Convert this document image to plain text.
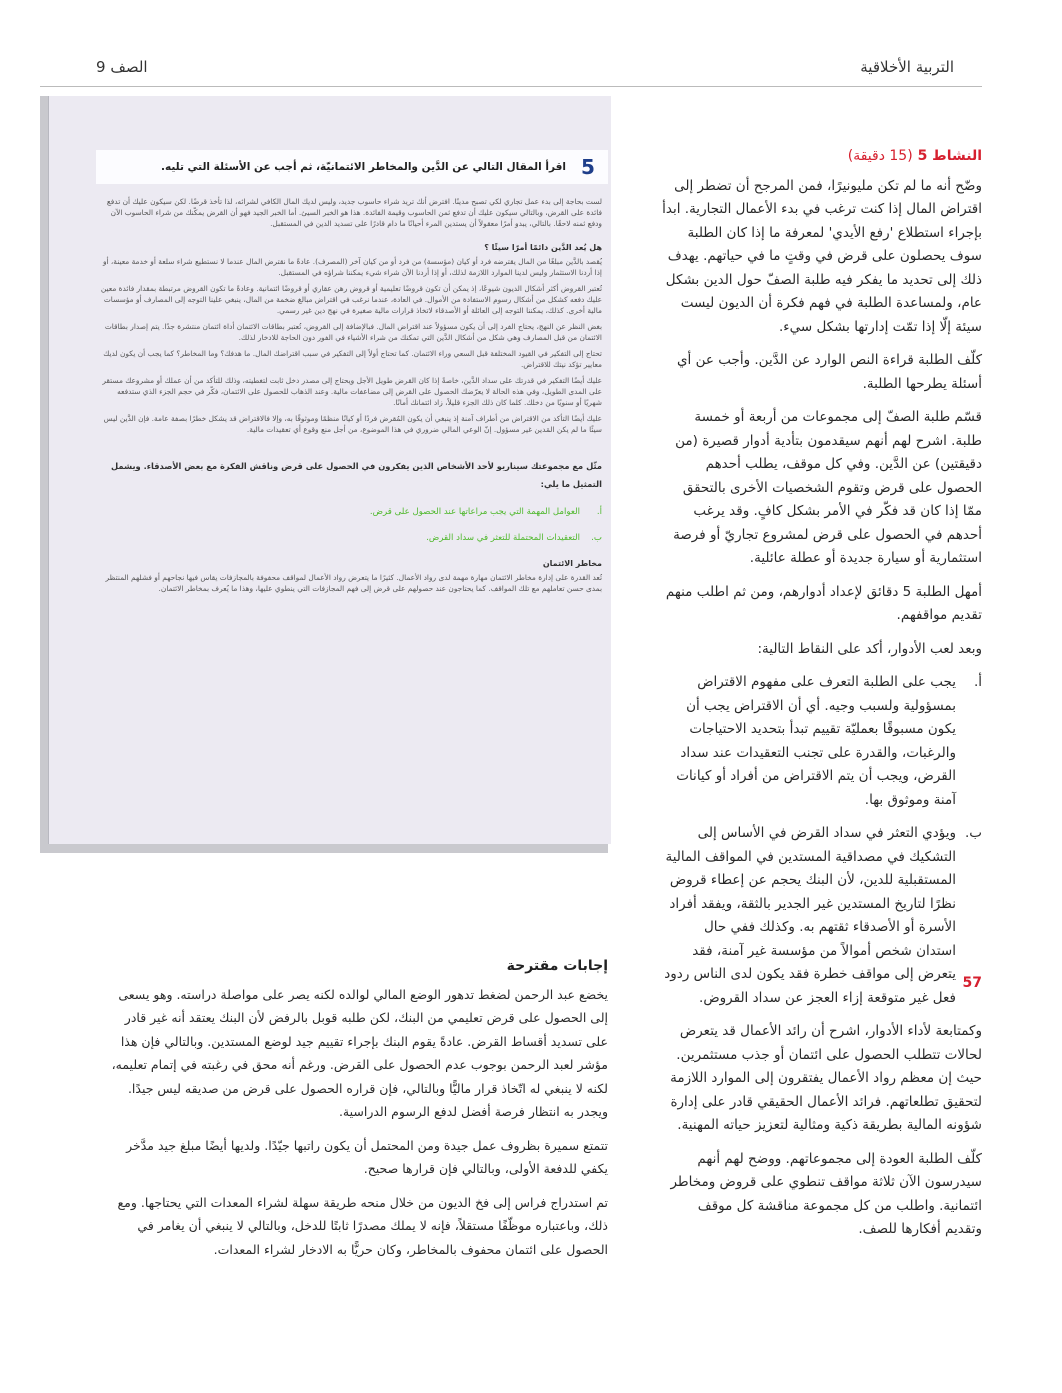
التربية الأخلاقية
الصف 9
5
اقرأ المقال التالي عن الدَّين والمخاطر الائتمانيّة، ثم أجب عن الأسئلة التي تليه.

لست بحاجة إلى بدء عمل تجاري لكي تصبح مدينًا. افترض أنك تريد شراء حاسوب جديد، وليس لديك المال الكافي لشرائه، لذا تأخذ قرضًا. لكن سيكون عليك أن تدفع فائدة على القرض، وبالتالي سيكون عليك أن تدفع ثمن الحاسوب وقيمة الفائدة. هذا هو الخبر السيئ. أما الخبر الجيد فهو أن القرض يمكّنك من شراء الحاسوب الآن ودفع ثمنه لاحقًا. بالتالي، يبدو أمرًا معقولاً أن يستدين المرء أحيانًا ما دام قادرًا على تسديد الدين في المستقبل.

هل يُعد الدَّين دائمًا أمرًا سيئًا ؟

يُقصد بالدَّين مبلغًا من المال يقترضه فرد أو كيان (مؤسسة) من فرد أو من كيان آخر (المصرف). عادةً ما نقترض المال عندما لا نستطيع شراء سلعة أو خدمة معينة، أو إذا أردنا الاستثمار وليس لدينا الموارد اللازمة لذلك، أو إذا أردنا الآن شراء شيء يمكننا شراؤه في المستقبل.

تُعتبر القروض أكثر أشكال الديون شيوعًا، إذ يمكن أن تكون قروضًا تعليمية أو قروض رهن عقاري أو قروضًا ائتمانية. وعادةً ما تكون القروض مرتبطة بمقدار فائدة معين عليك دفعه كشكل من أشكال رسوم الاستفادة من الأموال. في العادة، عندما نرغب في اقتراض مبالغ ضخمة من المال، ينبغي علينا التوجه إلى المصارف أو مؤسسات مالية أخرى. كذلك، يمكننا التوجه إلى العائلة أو الأصدقاء لاتخاذ قرارات مالية صغيرة في نهج دين غير رسمي.

بغض النظر عن النهج، يحتاج الفرد إلى أن يكون مسؤولاً عند اقتراض المال. فبالإضافة إلى القروض، تُعتبر بطاقات الائتمان أداة ائتمان منتشرة جدًا. يتم إصدار بطاقات الائتمان من قبل المصارف وهي شكل من أشكال الدَّين التي تمكنك من شراء الأشياء في الفور دون الحاجة للادخار لذلك.

تحتاج إلى التفكير في القيود المختلفة قبل السعي وراء الائتمان. كما تحتاج أولاً إلى التفكير في سبب اقتراضك المال. ما هدفك؟ وما المخاطر؟ كما يجب أن يكون لديك معايير تؤكد نيتك للاقتراض.

عليك أيضًا التفكير في قدرتك على سداد الدَّين، خاصةً إذا كان القرض طويل الأجل ويحتاج إلى مصدر دخل ثابت لتغطيته، وذلك للتأكد من أن عملك أو مشروعك مستقر على المدى الطويل، وفي هذه الحالة لا يعرّضك الحصول على القرض إلى مضاعفات مالية. وعند الذهاب للحصول على الائتمان، فكّر في حجم الجزء الذي ستدفعه شهريًا أو سنويًا من دخلك. كلما كان ذلك الجزء قليلاً، زاد ائتمانك أمانًا.

عليك أيضًا التأكد من الاقتراض من أطراف آمنة إذ ينبغي أن يكون المُقرض فردًا أو كيانًا منظمًا وموثوقًا به، وإلا فالاقتراض قد يشكل خطرًا بصفة عامة. فإن الدَّين ليس سيئًا ما لم يكن المَدين غير مسؤول. إنّ الوعي المالي ضروري في هذا الموضوع، من أجل منع وقوع أي تعقيدات مالية.

مثّل مع مجموعتك سيناريو لأحد الأشخاص الذين يفكرون في الحصول على قرض وناقش الفكرة مع بعض الأصدقاء. ويشمل التمثيل ما يلي:
أ.
العوامل المهمة التي يجب مراعاتها عند الحصول على قرض.
ب.
التعقيدات المحتملة للتعثر في سداد القرض.
مخاطر الائتمان

تُعد القدرة على إدارة مخاطر الائتمان مهارة مهمة لدى رواد الأعمال. كثيرًا ما يتعرض رواد الأعمال لمواقف محفوفة بالمجازفات يقاس فيها نجاحهم أو فشلهم المنتظر بمدى حسن تعاملهم مع تلك المواقف. كما يحتاجون عند حصولهم على قرض إلى فهم المجازفات التي ينطوي عليها، وهذا ما يُعرف بمخاطر الائتمان.

النشاط 5 (15 دقيقة)

وضّح أنه ما لم تكن مليونيرًا، فمن المرجح أن تضطر إلى اقتراض المال إذا كنت ترغب في بدء الأعمال التجارية. ابدأ بإجراء استطلاع 'رفع الأيدي' لمعرفة ما إذا كان الطلبة سوف يحصلون على قرض في وقتٍ ما في حياتهم. يهدف ذلك إلى تحديد ما يفكر فيه طلبة الصفّ حول الدين بشكل عام، ولمساعدة الطلبة في فهم فكرة أن الديون ليست سيئة إلّا إذا تمّت إدارتها بشكل سيء.

كلّف الطلبة قراءة النص الوارد عن الدَّين. وأجب عن أي أسئلة يطرحها الطلبة.

قسّم طلبة الصفّ إلى مجموعات من أربعة أو خمسة طلبة. اشرح لهم أنهم سيقدمون بتأدية أدوار قصيرة (من دقيقتين) عن الدَّين. وفي كل موقف، يطلب أحدهم الحصول على قرض وتقوم الشخصيات الأخرى بالتحقق ممّا إذا كان قد فكّر في الأمر بشكل كافٍ. وقد يرغب أحدهم في الحصول على قرض لمشروع تجاريّ أو فرصة استثمارية أو سيارة جديدة أو عطلة عائلية.

أمهل الطلبة 5 دقائق لإعداد أدوارهم، ومن ثم اطلب منهم تقديم مواقفهم.

وبعد لعب الأدوار، أكد على النقاط التالية:

أ.
يجب على الطلبة التعرف على مفهوم الاقتراض بمسؤولية ولسبب وجيه. أي أن الاقتراض يجب أن يكون مسبوقًا بعمليّة تقييم تبدأ بتحديد الاحتياجات والرغبات، والقدرة على تجنب التعقيدات عند سداد القرض، ويجب أن يتم الاقتراض من أفراد أو كيانات آمنة وموثوق بها.
ب.
ويؤدي التعثر في سداد القرض في الأساس إلى التشكيك في مصداقية المستدين في المواقف المالية المستقبلية للدين، لأن البنك يحجم عن إعطاء قروض نظرًا لتاريخ المستدين غير الجدير بالثقة، ويفقد أفراد الأسرة أو الأصدقاء ثقتهم به. وكذلك ففي حال استدان شخص أموالاً من مؤسسة غير آمنة، فقد يتعرض إلى مواقف خطرة فقد يكون لدى الناس ردود فعل غير متوقعة إزاء العجز عن سداد القروض.

وكمتابعة لأداء الأدوار، اشرح أن رائد الأعمال قد يتعرض لحالات تتطلب الحصول على ائتمان أو جذب مستثمرين. حيث إن معظم رواد الأعمال يفتقرون إلى الموارد اللازمة لتحقيق تطلعاتهم. فرائد الأعمال الحقيقي قادر على إدارة شؤونه المالية بطريقة ذكية ومثالية لتعزيز حياته المهنية.

كلّف الطلبة العودة إلى مجموعاتهم. ووضح لهم أنهم سيدرسون الآن ثلاثة مواقف تنطوي على قروض ومخاطر ائتمانية. واطلب من كل مجموعة مناقشة كل موقف وتقديم أفكارها للصف.

إجابات مقترحة

يخضع عبد الرحمن لضغط تدهور الوضع المالي لوالده لكنه يصر على مواصلة دراسته. وهو يسعى إلى الحصول على قرض تعليمي من البنك، لكن طلبه قوبل بالرفض لأن البنك يعتقد أنه غير قادر على تسديد أقساط القرض. عادةً يقوم البنك بإجراء تقييم جيد لوضع المستدين. وبالتالي فإن هذا مؤشر لعبد الرحمن بوجوب عدم الحصول على القرض. ورغم أنه محق في رغبته في إتمام تعليمه، لكنه لا ينبغي له اتّخاذ قرار ماليًّا وبالتالي، فإن قراره الحصول على قرض من صديقه ليس جيدًا. ويجدر به انتظار فرصة أفضل لدفع الرسوم الدراسية.

تتمتع سميرة بظروف عمل جيدة ومن المحتمل أن يكون راتبها جيّدًا. ولديها أيضًا مبلغ جيد مدَّخر يكفي للدفعة الأولى، وبالتالي فإن قرارها صحيح.

تم استدراج فراس إلى فخ الديون من خلال منحه طريقة سهلة لشراء المعدات التي يحتاجها. ومع ذلك، وباعتباره موظّفًا مستقلاً، فإنه لا يملك مصدرًا ثابتًا للدخل، وبالتالي لا ينبغي أن يغامر في الحصول على ائتمان محفوف بالمخاطر، وكان حريًّا به الادخار لشراء المعدات.

57
